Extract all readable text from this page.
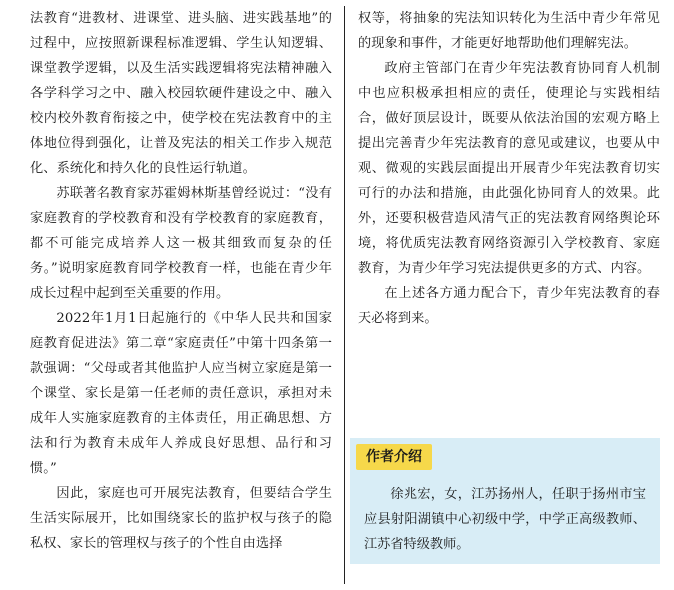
法教育“进教材、进课堂、进头脑、进实践基地”的过程中，应按照新课程标准逻辑、学生认知逻辑、课堂教学逻辑，以及生活实践逻辑将宪法精神融入各学科学习之中、融入校园软硬件建设之中、融入校内校外教育衔接之中，使学校在宪法教育中的主体地位得到强化，让普及宪法的相关工作步入规范化、系统化和持久化的良性运行轨道。

苏联著名教育家苏霍姆林斯基曾经说过：“没有家庭教育的学校教育和没有学校教育的家庭教育，都不可能完成培养人这一极其细致而复杂的任务。”说明家庭教育同学校教育一样，也能在青少年成长过程中起到至关重要的作用。

2022年1月1日起施行的《中华人民共和国家庭教育促进法》第二章“家庭责任”中第十四条第一款强调：“父母或者其他监护人应当树立家庭是第一个课堂、家长是第一任老师的责任意识，承担对未成年人实施家庭教育的主体责任，用正确思想、方法和行为教育未成年人养成良好思想、品行和习惯。”

因此，家庭也可开展宪法教育，但要结合学生生活实际展开，比如围绕家长的监护权与孩子的隐私权、家长的管理权与孩子的个性自由选择

权等，将抽象的宪法知识转化为生活中青少年常见的现象和事件，才能更好地帮助他们理解宪法。

政府主管部门在青少年宪法教育协同育人机制中也应积极承担相应的责任，使理论与实践相结合，做好顶层设计，既要从依法治国的宏观方略上提出完善青少年宪法教育的意见或建议，也要从中观、微观的实践层面提出开展青少年宪法教育切实可行的办法和措施，由此强化协同育人的效果。此外，还要积极营造风清气正的宪法教育网络舆论环境，将优质宪法教育网络资源引入学校教育、家庭教育，为青少年学习宪法提供更多的方式、内容。

在上述各方通力配合下，青少年宪法教育的春天必将到来。

作者介绍

徐兆宏，女，江苏扬州人，任职于扬州市宝应县射阳湖镇中心初级中学，中学正高级教师、江苏省特级教师。
